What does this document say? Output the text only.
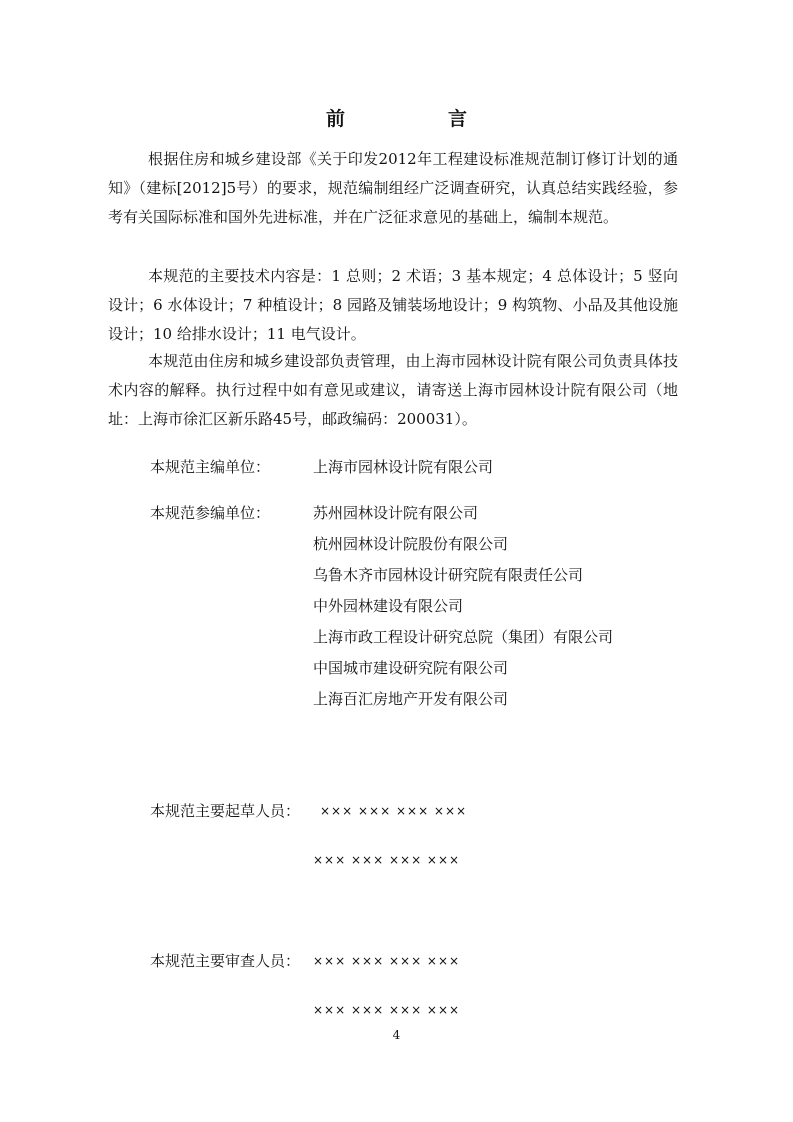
前　言

根据住房和城乡建设部《关于印发2012年工程建设标准规范制订修订计划的通知》（建标[2012]5号）的要求，规范编制组经广泛调查研究，认真总结实践经验，参考有关国际标准和国外先进标准，并在广泛征求意见的基础上，编制本规范。

本规范的主要技术内容是：1 总则；2 术语；3 基本规定；4 总体设计；5 竖向设计；6 水体设计；7 种植设计；8 园路及铺装场地设计；9 构筑物、小品及其他设施设计；10 给排水设计；11 电气设计。

本规范由住房和城乡建设部负责管理，由上海市园林设计院有限公司负责具体技术内容的解释。执行过程中如有意见或建议，请寄送上海市园林设计院有限公司（地址：上海市徐汇区新乐路45号，邮政编码：200031）。

本规范主编单位：	上海市园林设计院有限公司
本规范参编单位：	苏州园林设计院有限公司
杭州园林设计院股份有限公司
乌鲁木齐市园林设计研究院有限责任公司
中外园林建设有限公司
上海市政工程设计研究总院（集团）有限公司
中国城市建设研究院有限公司
上海百汇房地产开发有限公司
本规范主要起草人员： ××× ××× ××× ×××
××× ××× ××× ×××
本规范主要审查人员： ××× ××× ××× ×××
××× ××× ××× ×××
4
